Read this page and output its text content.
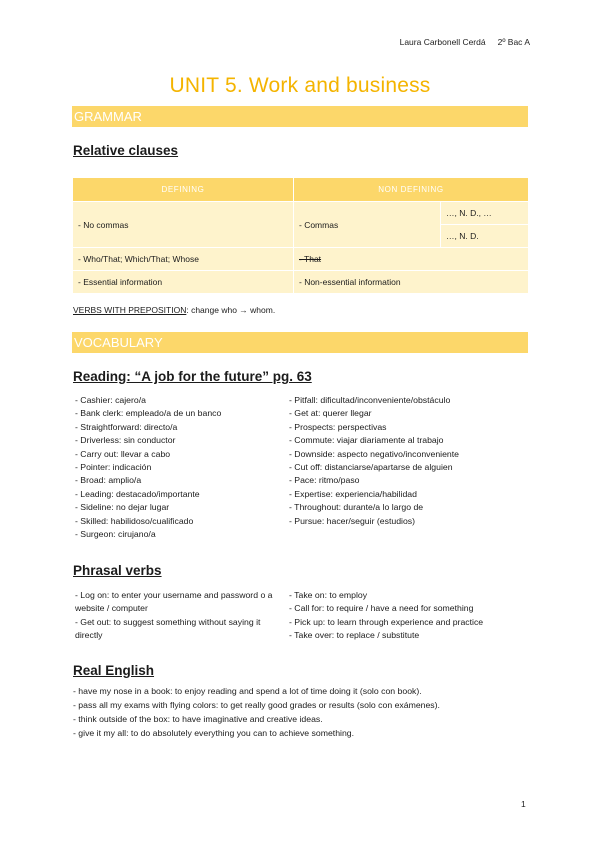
Laura Carbonell Cerdá 2º Bac A
UNIT 5. Work and business
GRAMMAR
Relative clauses
DEFINING	NON DEFINING	
- No commas	- Commas	…, N. D., …
		…, N. D.
- Who/That; Which/That; Whose	- That	
- Essential information	- Non-essential information	
VERBS WITH PREPOSITION: change who → whom.
VOCABULARY
Reading: “A job for the future” pg. 63
- Cashier: cajero/a
- Bank clerk: empleado/a de un banco
- Straightforward: directo/a
- Driverless: sin conductor
- Carry out: llevar a cabo
- Pointer: indicación
- Broad: amplio/a
- Leading: destacado/importante
- Sideline: no dejar lugar
- Skilled: habilidoso/cualificado
- Surgeon: cirujano/a
- Pitfall: dificultad/inconveniente/obstáculo
- Get at: querer llegar
- Prospects: perspectivas
- Commute: viajar diariamente al trabajo
- Downside: aspecto negativo/inconveniente
- Cut off: distanciarse/apartarse de alguien
- Pace: ritmo/paso
- Expertise: experiencia/habilidad
- Throughout: durante/a lo largo de
- Pursue: hacer/seguir (estudios)
Phrasal verbs
- Log on: to enter your username and password o a website / computer
- Get out: to suggest something without saying it directly
- Take on: to employ
- Call for: to require / have a need for something
- Pick up: to learn through experience and practice
- Take over: to replace / substitute
Real English
- have my nose in a book: to enjoy reading and spend a lot of time doing it (solo con book).
- pass all my exams with flying colors: to get really good grades or results (solo con exámenes).
- think outside of the box: to have imaginative and creative ideas.
- give it my all: to do absolutely everything you can to achieve something.
1
